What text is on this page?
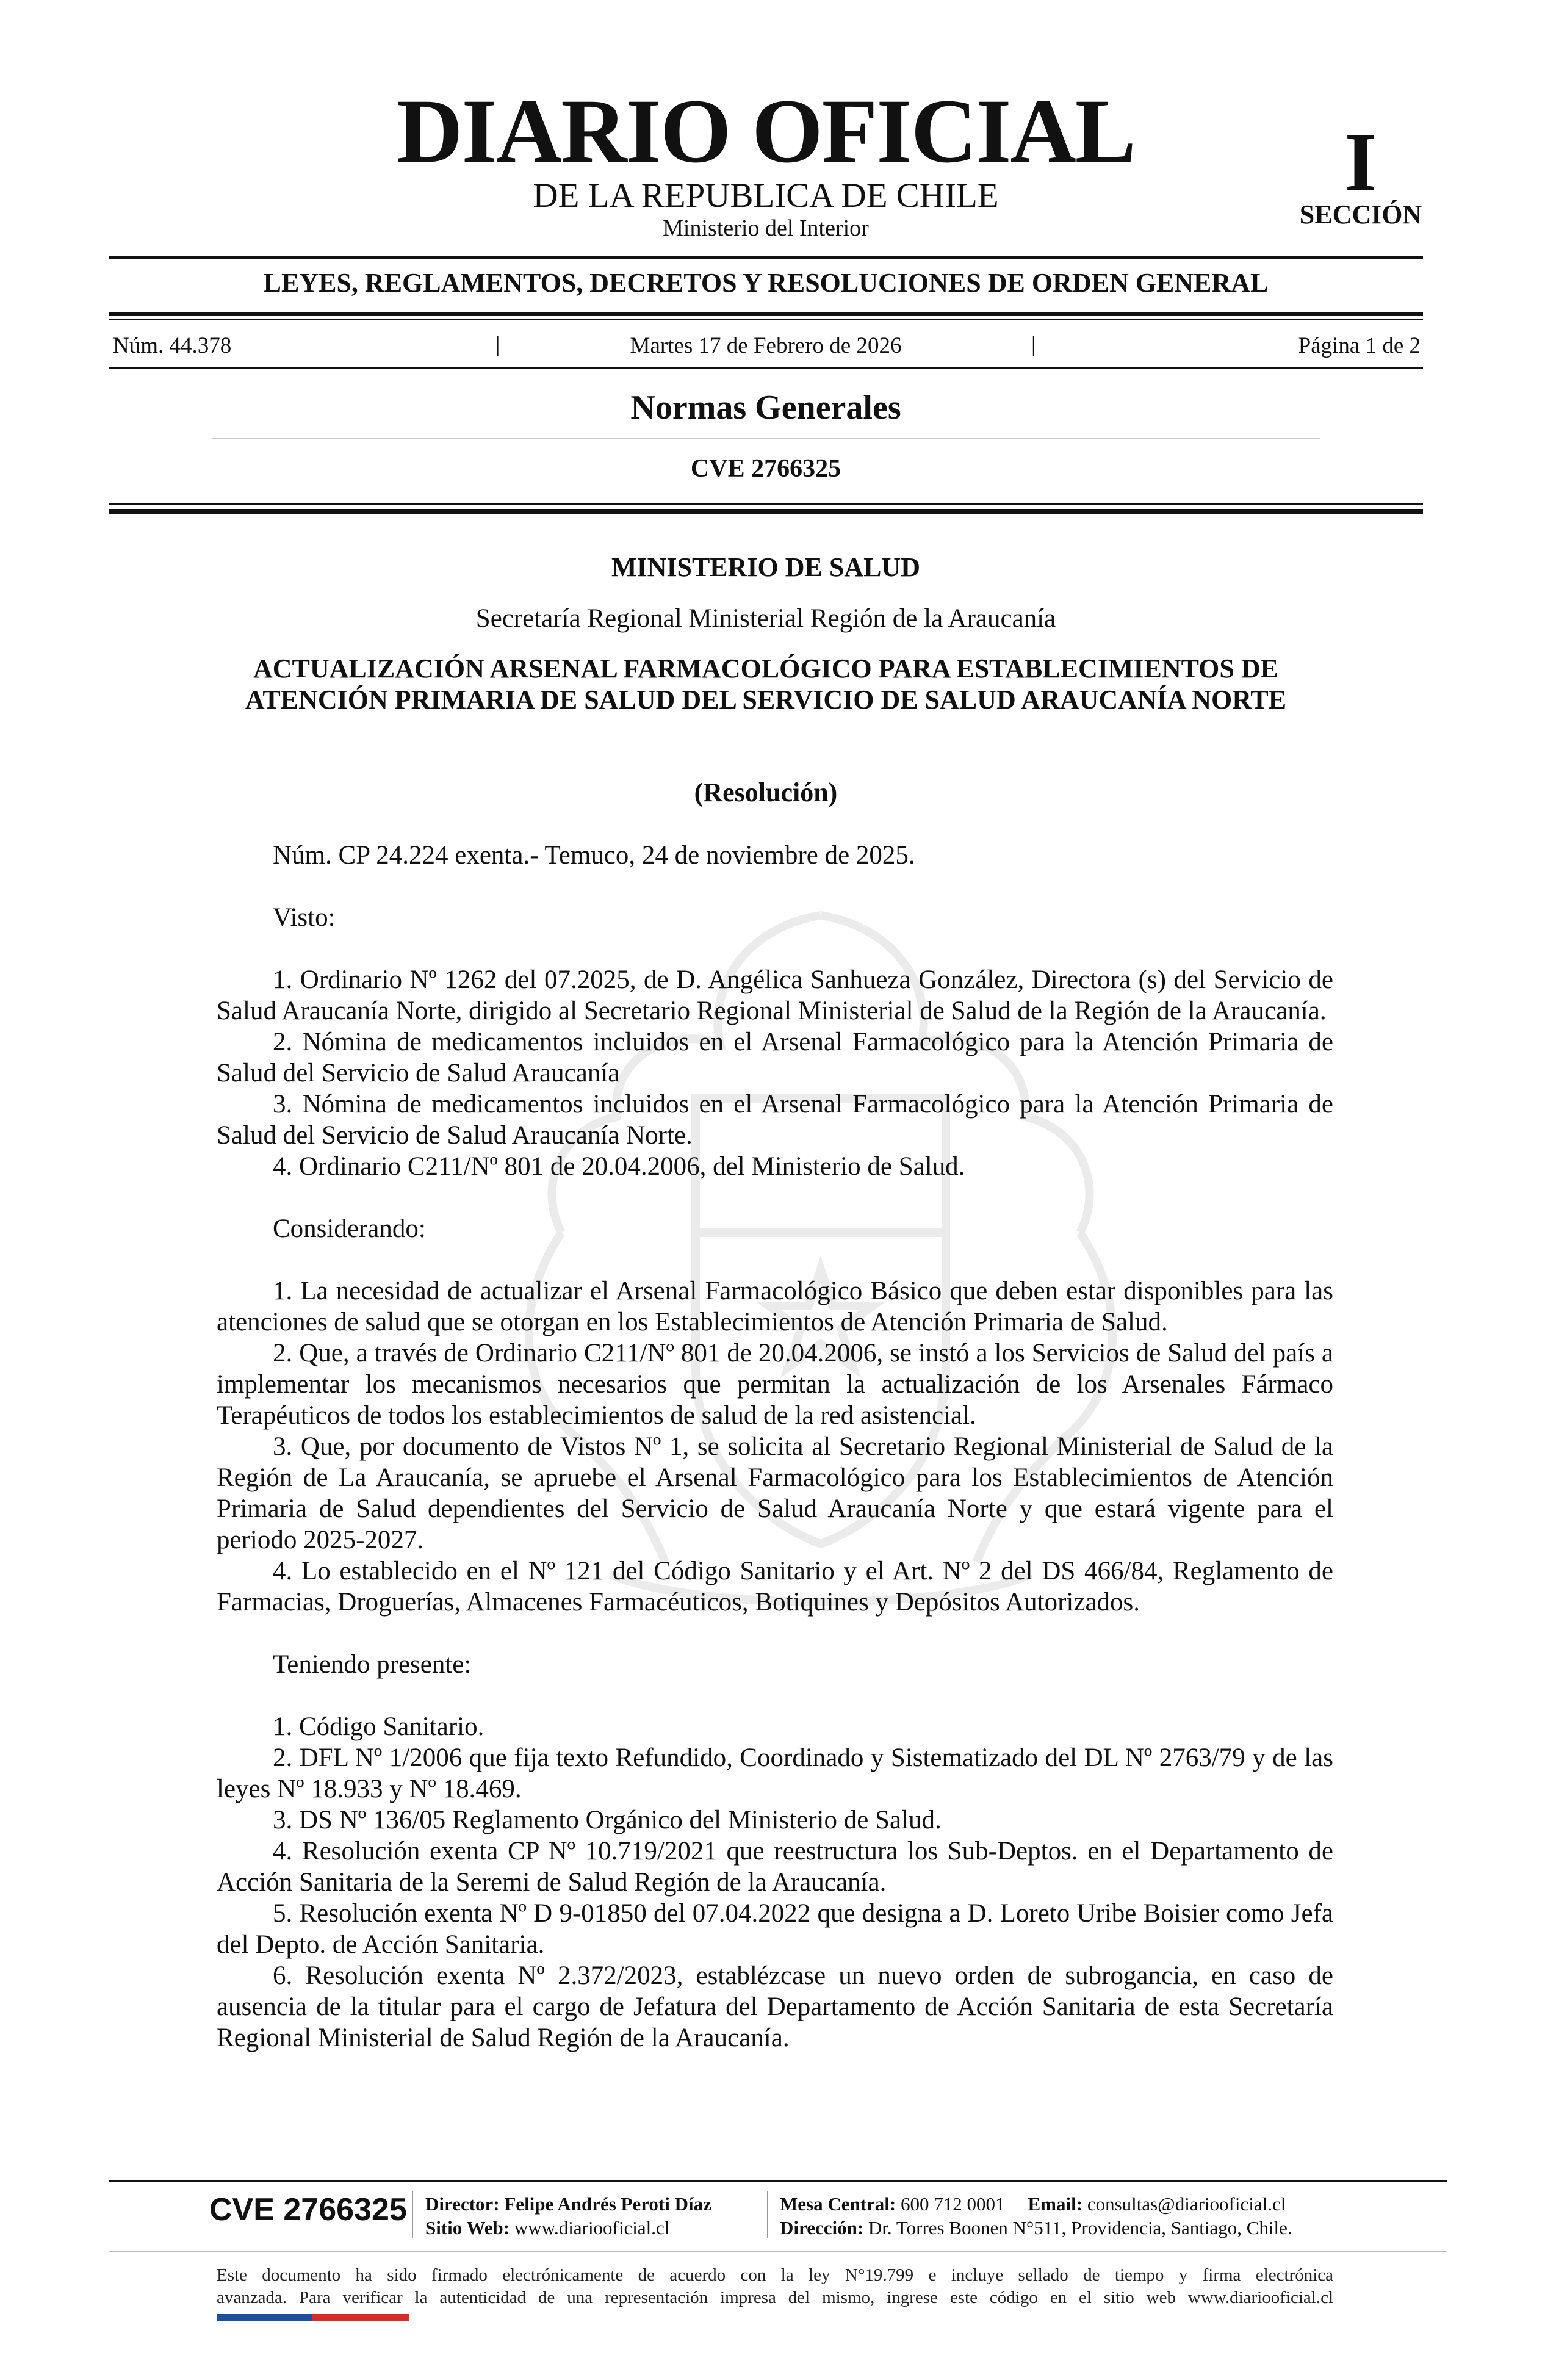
DIARIO OFICIAL
DE LA REPUBLICA DE CHILE
Ministerio del Interior
I
SECCIÓN
LEYES, REGLAMENTOS, DECRETOS Y RESOLUCIONES DE ORDEN GENERAL
Núm. 44.378	|	Martes 17 de Febrero de 2026	|	Página 1 de 2
Normas Generales
CVE 2766325
MINISTERIO DE SALUD
Secretaría Regional Ministerial Región de la Araucanía
ACTUALIZACIÓN ARSENAL FARMACOLÓGICO PARA ESTABLECIMIENTOS DE ATENCIÓN PRIMARIA DE SALUD DEL SERVICIO DE SALUD ARAUCANÍA NORTE
(Resolución)

Núm. CP 24.224 exenta.- Temuco, 24 de noviembre de 2025.

Visto:

1. Ordinario Nº 1262 del 07.2025, de D. Angélica Sanhueza González, Directora (s) del Servicio de Salud Araucanía Norte, dirigido al Secretario Regional Ministerial de Salud de la Región de la Araucanía.

2. Nómina de medicamentos incluidos en el Arsenal Farmacológico para la Atención Primaria de Salud del Servicio de Salud Araucanía

3. Nómina de medicamentos incluidos en el Arsenal Farmacológico para la Atención Primaria de Salud del Servicio de Salud Araucanía Norte.

4. Ordinario C211/Nº 801 de 20.04.2006, del Ministerio de Salud.

Considerando:

1. La necesidad de actualizar el Arsenal Farmacológico Básico que deben estar disponibles para las atenciones de salud que se otorgan en los Establecimientos de Atención Primaria de Salud.

2. Que, a través de Ordinario C211/Nº 801 de 20.04.2006, se instó a los Servicios de Salud del país a implementar los mecanismos necesarios que permitan la actualización de los Arsenales Fármaco Terapéuticos de todos los establecimientos de salud de la red asistencial.

3. Que, por documento de Vistos Nº 1, se solicita al Secretario Regional Ministerial de Salud de la Región de La Araucanía, se apruebe el Arsenal Farmacológico para los Establecimientos de Atención Primaria de Salud dependientes del Servicio de Salud Araucanía Norte y que estará vigente para el periodo 2025-2027.

4. Lo establecido en el Nº 121 del Código Sanitario y el Art. Nº 2 del DS 466/84, Reglamento de Farmacias, Droguerías, Almacenes Farmacéuticos, Botiquines y Depósitos Autorizados.

Teniendo presente:

1. Código Sanitario.

2. DFL Nº 1/2006 que fija texto Refundido, Coordinado y Sistematizado del DL Nº 2763/79 y de las leyes Nº 18.933 y Nº 18.469.

3. DS Nº 136/05 Reglamento Orgánico del Ministerio de Salud.

4. Resolución exenta CP Nº 10.719/2021 que reestructura los Sub-Deptos. en el Departamento de Acción Sanitaria de la Seremi de Salud Región de la Araucanía.

5. Resolución exenta Nº D 9-01850 del 07.04.2022 que designa a D. Loreto Uribe Boisier como Jefa del Depto. de Acción Sanitaria.

6. Resolución exenta Nº 2.372/2023, establézcase un nuevo orden de subrogancia, en caso de ausencia de la titular para el cargo de Jefatura del Departamento de Acción Sanitaria de esta Secretaría Regional Ministerial de Salud Región de la Araucanía.

CVE 2766325 Director: Felipe Andrés Peroti Díaz
Sitio Web: www.diariooficial.cl
Mesa Central: 600 712 0001 Email: consultas@diariooficial.cl
Dirección: Dr. Torres Boonen N°511, Providencia, Santiago, Chile.
Este documento ha sido firmado electrónicamente de acuerdo con la ley N°19.799 e incluye sellado de tiempo y firma electrónica
avanzada. Para verificar la autenticidad de una representación impresa del mismo, ingrese este código en el sitio web www.diariooficial.cl
